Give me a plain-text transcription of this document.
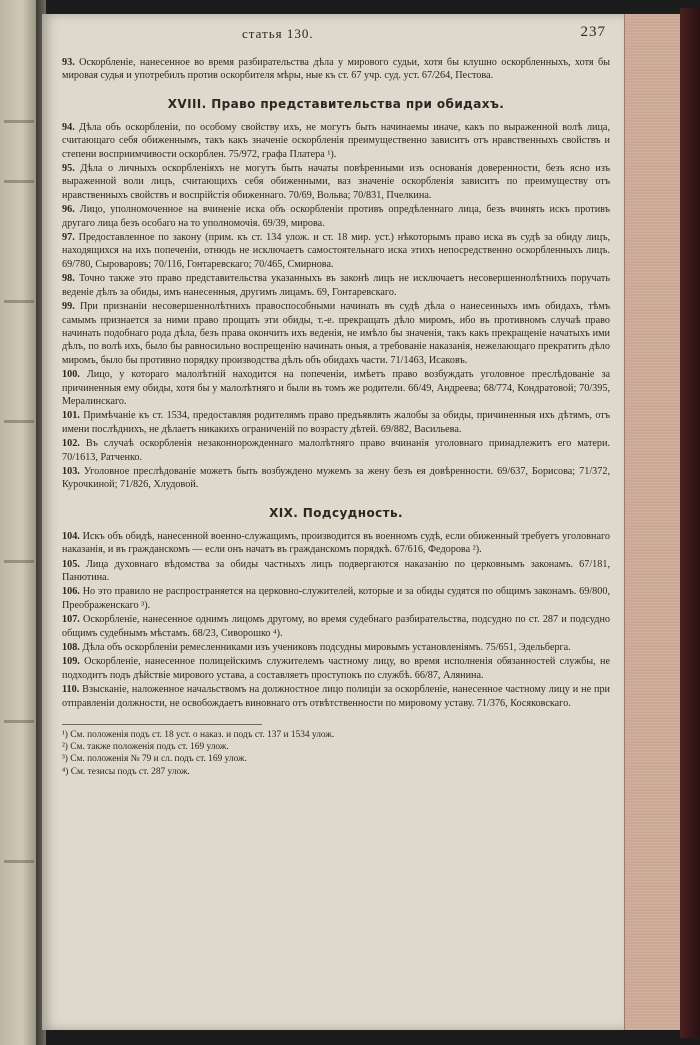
статья 130.	237

93. Оскорбленіе, нанесенное во время разбирательства дѣла у мирового судьи, хотя бы клушно оскорбленныхъ, хотя бы мировая судья и употребилъ против оскорбителя мѣры, ные къ ст. 67 учр. суд. уст. 67/264, Пестова.

XVIII. Право представительства при обидахъ.

94. Дѣла объ оскорбленіи, по особому свойству ихъ, не могутъ быть начинаемы иначе, какъ по выраженной волѣ лица, считающаго себя обиженнымъ, такъ какъ значеніе оскорбленія преимущественно зависитъ отъ нравственныхъ свойствъ и степени восприимчивости оскорблен. 75/972, графа Платера ¹).

95. Дѣла о личныхъ оскорбленіяхъ не могутъ быть начаты повѣренными изъ основанія доверенности, безъ ясно изъ выраженной воли лицъ, считающихъ себя обиженными, ваз значеніе оскорбленія зависитъ по преимуществу отъ нравственныхъ свойствъ и воспрійстія обиженнаго. 70/69, Вольва; 70/831, Пчелкина.

96. Лицо, уполномоченное на вчиненіе иска объ оскорбленіи противъ опредѣленнаго лица, безъ вчинять искъ противъ другаго лица безъ особаго на то уполномочія. 69/39, мирова.

97. Предоставленное по закону (прим. къ ст. 134 улож. и ст. 18 мир. уст.) нѣкоторымъ право иска въ судѣ за обиду лицъ, находящихся на ихъ попеченіи, отнюдь не исключаетъ самостоятельнаго иска этихъ непосредственно оскорбленныхъ лицъ. 69/780, Сыроваровъ; 70/116, Гонтаревскаго; 70/465, Смирнова.

98. Точно также это право представительства указанныхъ въ законѣ лицъ не исключаетъ несовершеннолѣтнихъ поручать веденіе дѣлъ за обиды, имъ нанесенныя, другимъ лицамъ. 69, Гонтаревскаго.

99. При признаніи несовершеннолѣтнихъ правоспособными начинать въ судѣ дѣла о нанесенныхъ имъ обидахъ, тѣмъ самымъ признается за ними право прощать эти обиды, т.-е. прекращать дѣло миромъ, ибо въ противномъ случаѣ право начинать подобнаго рода дѣла, безъ права окончить ихъ веденія, не имѣло бы значенія, такъ какъ прекращеніе начатыхъ ими дѣлъ, по волѣ ихъ, было бы равносильно воспрещенію начинать оныя, а требованіе наказанія, нежелающаго прекратить дѣло миромъ, было бы противно порядку производства дѣлъ объ обидахъ части. 71/1463, Исаковъ.

100. Лицо, у котораго малолѣтній находится на попеченіи, имѣетъ право возбуждать уголовное преслѣдованіе за причиненныя ему обиды, хотя бы у малолѣтняго и были въ томъ же родители. 66/49, Андреева; 68/774, Кондратовой; 70/395, Мералинскаго.

101. Примѣчаніе къ ст. 1534, предоставляя родителямъ право предъявлять жалобы за обиды, причиненныя ихъ дѣтямъ, отъ имени послѣднихъ, не дѣлаетъ никакихъ ограниченій по возрасту дѣтей. 69/882, Васильева.

102. Въ случаѣ оскорбленія незаконнорожденнаго малолѣтняго право вчинанія уголовнаго принадлежитъ его матери. 70/1613, Ратченко.

103. Уголовное преслѣдованіе можетъ быть возбуждено мужемъ за жену безъ ея довѣренности. 69/637, Борисова; 71/372, Курочкиной; 71/826, Хлудовой.

XIX. Подсудность.

104. Искъ объ обидѣ, нанесенной военно-служащимъ, производится въ военномъ судѣ, если обиженный требуетъ уголовнаго наказанія, и въ гражданскомъ — если онъ начатъ въ гражданскомъ порядкѣ. 67/616, Федорова ²).

105. Лица духовнаго вѣдомства за обиды частныхъ лицъ подвергаются наказанію по церковнымъ законамъ. 67/181, Панютина.

106. Но это правило не распространяется на церковно-служителей, которые и за обиды судятся по общимъ законамъ. 69/800, Преображенскаго ³).

107. Оскорбленіе, нанесенное однимъ лицомъ другому, во время судебнаго разбирательства, подсудно по ст. 287 и подсудно общимъ судебнымъ мѣстамъ. 68/23, Сиворошко ⁴).

108. Дѣла объ оскорбленіи ремесленниками изъ учениковъ подсудны мировымъ установленіямъ. 75/651, Эдельберга.

109. Оскорбленіе, нанесенное полицейскимъ служителемъ частному лицу, во время исполненія обязанностей службы, не подходитъ подъ дѣйствіе мирового устава, а составляетъ проступокъ по службѣ. 66/87, Алянина.

110. Взысканіе, наложенное начальствомъ на должностное лицо полиціи за оскорбленіе, нанесенное частному лицу и не при отправленіи должности, не освобождаетъ виновнаго отъ отвѣтственности по мировому уставу. 71/376, Косяковскаго.

¹) См. положенія подъ ст. 18 уст. о наказ. и подъ ст. 137 и 1534 улож.
²) См. также положенія подъ ст. 169 улож.
³) См. положенія № 79 и сл. подъ ст. 169 улож.
⁴) См. тезисы подъ ст. 287 улож.
